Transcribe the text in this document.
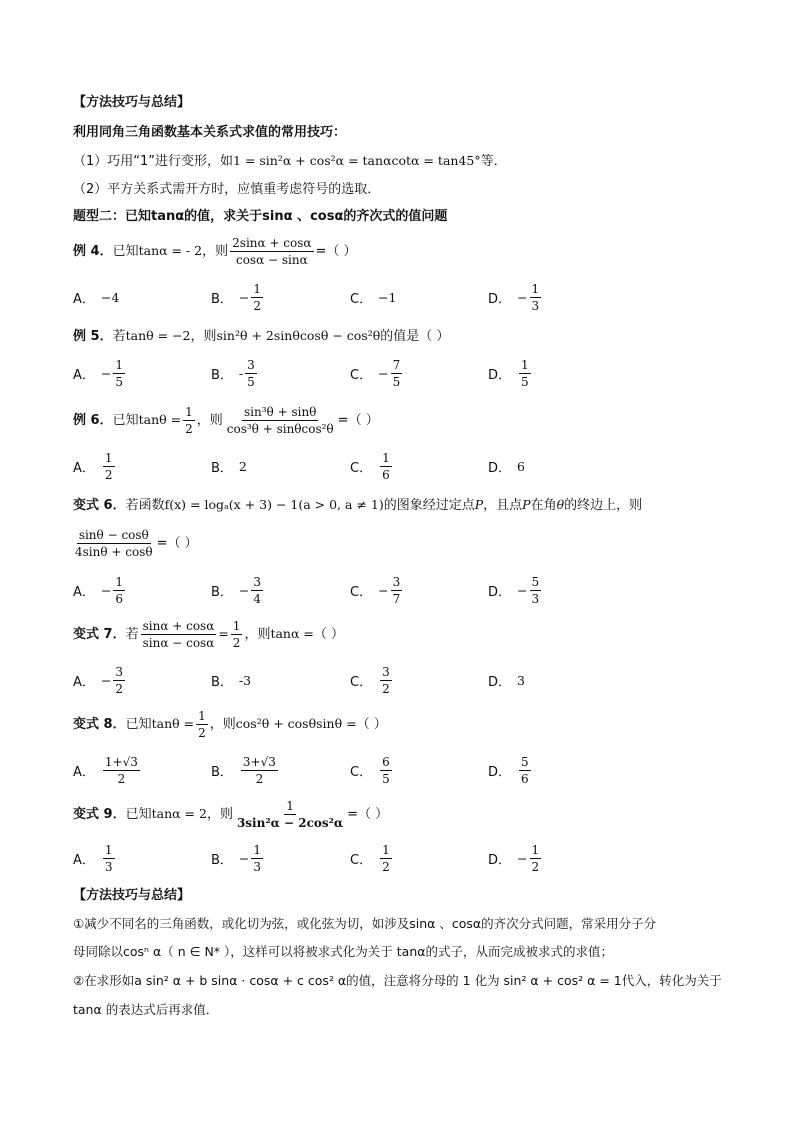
【方法技巧与总结】
利用同角三角函数基本关系式求值的常用技巧：
（1）巧用“1”进行变形，如1 = sin²α + cos²α = tanαcotα = tan45°等．
（2）平方关系式需开方时，应慎重考虑符号的选取．
题型二：已知tanα的值，求关于sinα 、cosα的齐次式的值问题
例 4．已知tanα = - 2，则 $\frac{2\sin\alpha + \cos\alpha}{\cos\alpha - \sin\alpha}$ =（ ）
A． −4	B． − $\frac{1}{2}$	C． −1	D． − $\frac{1}{3}$
例 5．若tanθ = −2，则sin²θ + 2sinθcosθ − cos²θ的值是（ ）
A． − $\frac{1}{5}$	B． - $\frac{3}{5}$	C． − $\frac{7}{5}$	D． $\frac{1}{5}$
例 6．已知$\tan\theta = \frac{1}{2}$ ，则 $\frac{\text{sin³θ + sinθ}}{\text{cos³θ + sinθcos²θ}}$ =（ ）
A． $\frac{1}{2}$	B． 2	C． $\frac{1}{6}$	D． 6
变式 6．若函数f(x) = logₐ(x + 3) − 1(a > 0, a ≠ 1)的图象经过定点P，且点P在角θ的终边上，则
$\frac{\sin\theta - \cos\theta}{4\sin\theta + \cos\theta}$ =（ ）
A． − $\frac{1}{6}$	B． − $\frac{3}{4}$	C． − $\frac{3}{7}$	D． − $\frac{5}{3}$
变式 7．若 $\frac{\sin\alpha + \cos\alpha}{\sin\alpha - \cos\alpha} = \frac{1}{2}$ ，则tanα =（ ）
A． − $\frac{3}{2}$	B． -3	C． $\frac{3}{2}$	D． 3
变式 8．已知$\tan\theta = \frac{1}{2}$ ，则cos²θ + cosθsinθ =（ ）
A． $\frac{1+√3}{2}$	B． $\frac{3+√3}{2}$	C． $\frac{6}{5}$	D． $\frac{5}{6}$
变式 9．已知tanα = 2，则 $\frac{1}{\text{3sin²α − 2cos²α}}$ =（ ）
A． $\frac{1}{3}$	B． − $\frac{1}{3}$	C． $\frac{1}{2}$	D． − $\frac{1}{2}$
【方法技巧与总结】
①减少不同名的三角函数，或化切为弦，或化弦为切，如涉及sinα 、cosα的齐次分式问题，常采用分子分
母同除以cosⁿ α（ n ∈ N* ），这样可以将被求式化为关于 tanα的式子，从而完成被求式的求值；
②在求形如a sin² α + b sinα · cosα + c cos² α的值，注意将分母的 1 化为 sin² α + cos² α = 1代入，转化为关于
tanα 的表达式后再求值．
